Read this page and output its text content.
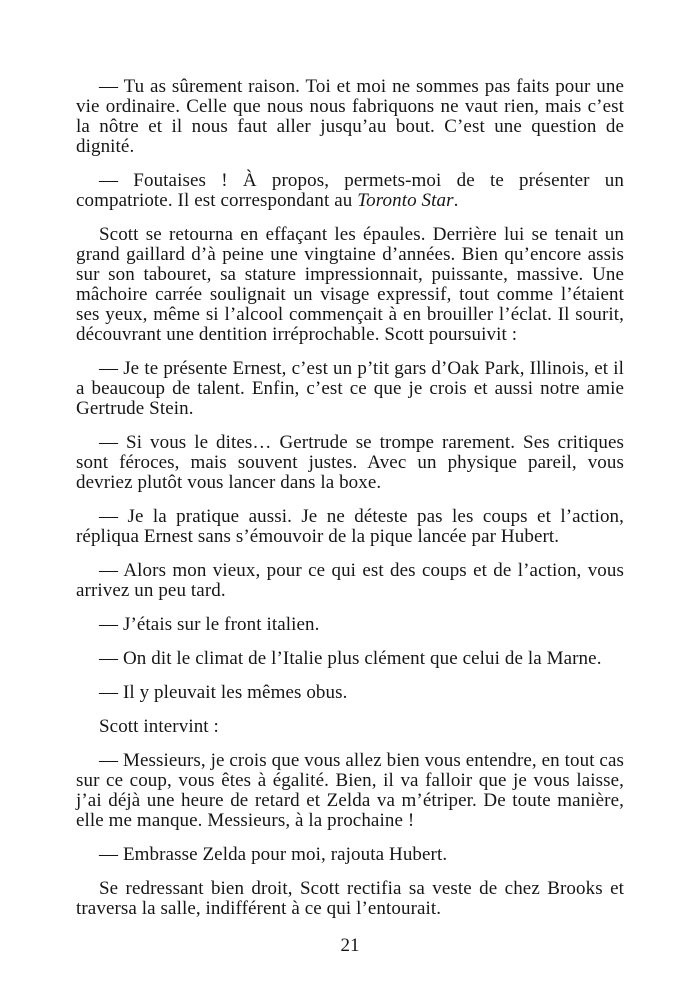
— Tu as sûrement raison. Toi et moi ne sommes pas faits pour une vie ordinaire. Celle que nous nous fabriquons ne vaut rien, mais c’est la nôtre et il nous faut aller jusqu’au bout. C’est une question de dignité.

— Foutaises ! À propos, permets-moi de te présenter un compatriote. Il est correspondant au Toronto Star.

Scott se retourna en effaçant les épaules. Derrière lui se tenait un grand gaillard d’à peine une vingtaine d’années. Bien qu’encore assis sur son tabouret, sa stature impressionnait, puissante, massive. Une mâchoire carrée soulignait un visage expressif, tout comme l’étaient ses yeux, même si l’alcool commençait à en brouiller l’éclat. Il sourit, découvrant une dentition irréprochable. Scott poursuivit :

— Je te présente Ernest, c’est un p’tit gars d’Oak Park, Illinois, et il a beaucoup de talent. Enfin, c’est ce que je crois et aussi notre amie Gertrude Stein.

— Si vous le dites… Gertrude se trompe rarement. Ses critiques sont féroces, mais souvent justes. Avec un physique pareil, vous devriez plutôt vous lancer dans la boxe.

— Je la pratique aussi. Je ne déteste pas les coups et l’action, répliqua Ernest sans s’émouvoir de la pique lancée par Hubert.

— Alors mon vieux, pour ce qui est des coups et de l’action, vous arrivez un peu tard.

— J’étais sur le front italien.

— On dit le climat de l’Italie plus clément que celui de la Marne.

— Il y pleuvait les mêmes obus.

Scott intervint :

— Messieurs, je crois que vous allez bien vous entendre, en tout cas sur ce coup, vous êtes à égalité. Bien, il va falloir que je vous laisse, j’ai déjà une heure de retard et Zelda va m’étriper. De toute manière, elle me manque. Messieurs, à la prochaine !

— Embrasse Zelda pour moi, rajouta Hubert.

Se redressant bien droit, Scott rectifia sa veste de chez Brooks et traversa la salle, indifférent à ce qui l’entourait.

21
